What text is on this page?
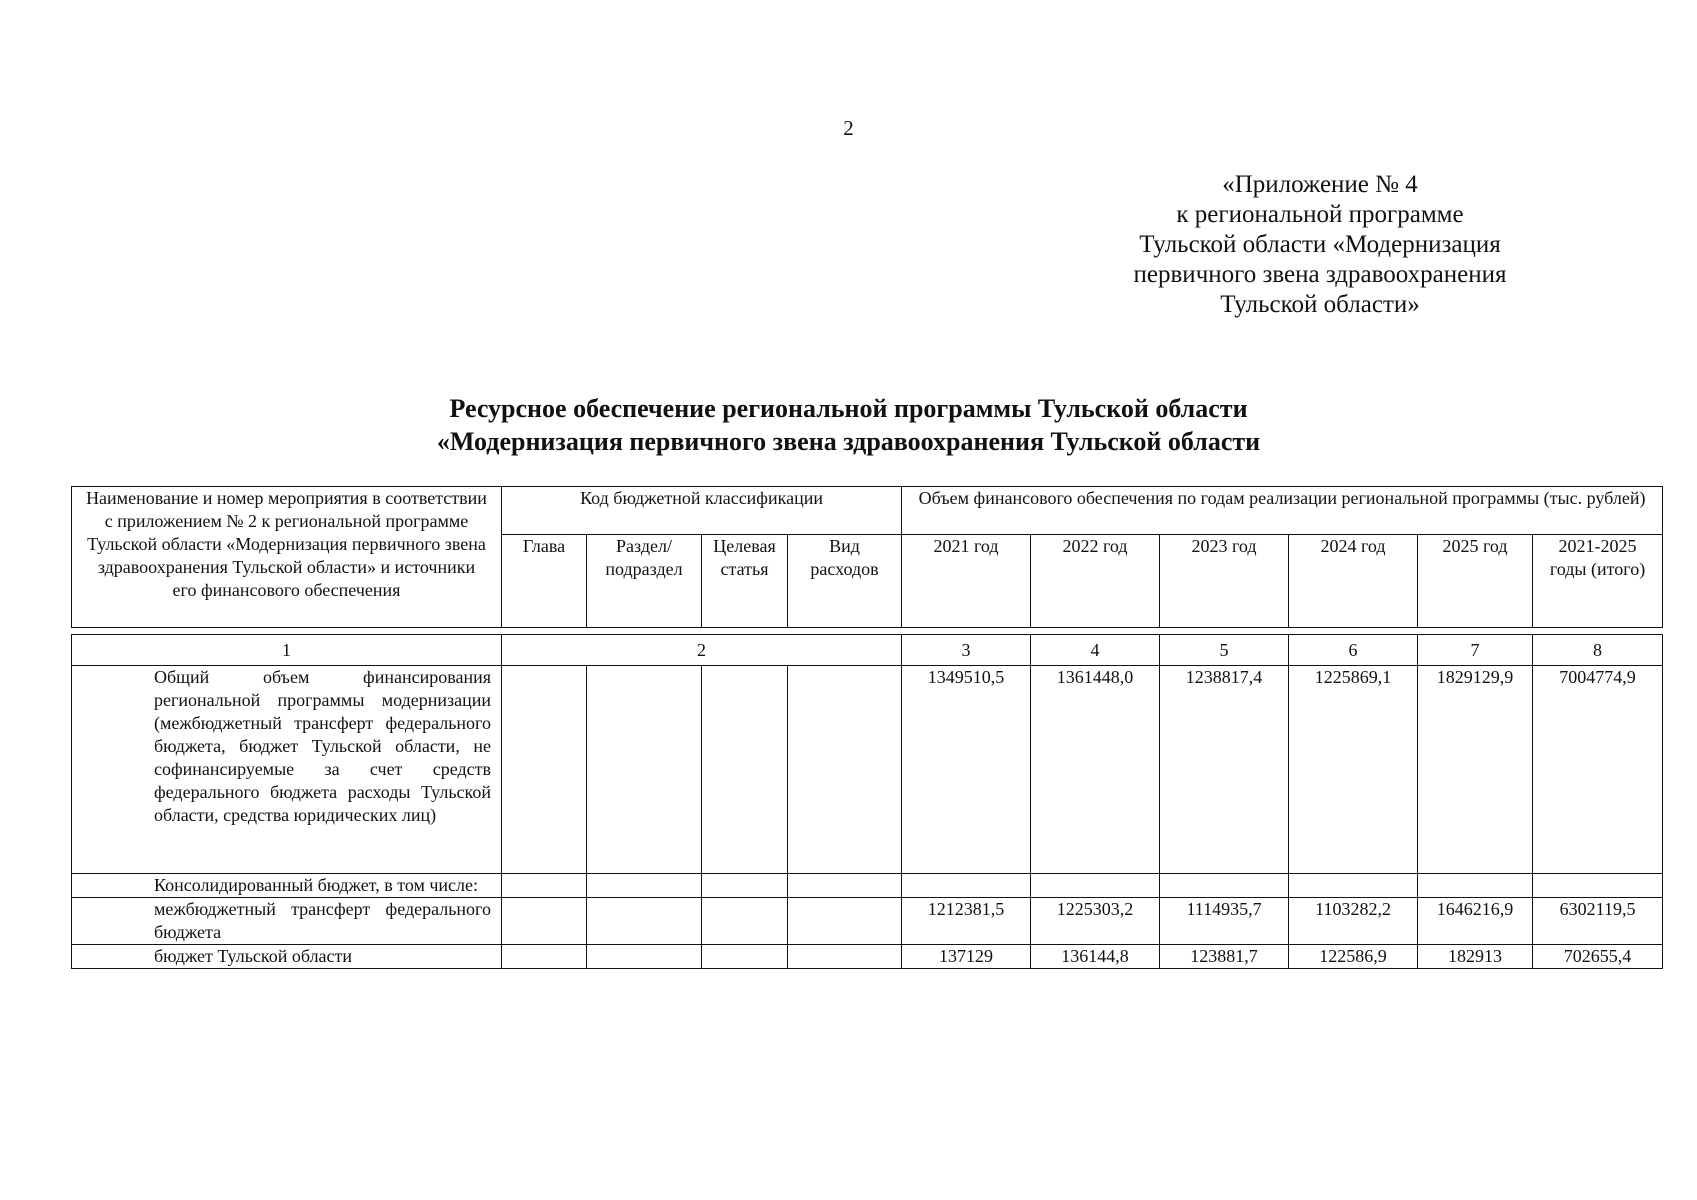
2
«Приложение № 4
к региональной программе
Тульской области «Модернизация
первичного звена здравоохранения
Тульской области»
Ресурсное обеспечение региональной программы Тульской области
«Модернизация первичного звена здравоохранения Тульской области
Наименование и номер мероприятия в соответствии с приложением № 2 к региональной программе Тульской области «Модернизация первичного звена здравоохранения Тульской области» и источники его финансового обеспечения	Код бюджетной классификации				Объем финансового обеспечения по годам реализации региональной программы (тыс. рублей)					
	Глава	Раздел/ подраздел	Целевая статья	Вид расходов	2021 год	2022 год	2023 год	2024 год	2025 год	2021-2025 годы (итого)

1	2				3	4	5	6	7	8
Общий объем финансирования региональной программы модернизации (межбюджетный трансферт федерального бюджета, бюджет Тульской области, не софинансируемые за счет средств федерального бюджета расходы Тульской области, средства юридических лиц)					1349510,5	1361448,0	1238817,4	1225869,1	1829129,9	7004774,9
Консолидированный бюджет, в том числе:										
межбюджетный трансферт федерального бюджета					1212381,5	1225303,2	1114935,7	1103282,2	1646216,9	6302119,5
бюджет Тульской области					137129	136144,8	123881,7	122586,9	182913	702655,4
